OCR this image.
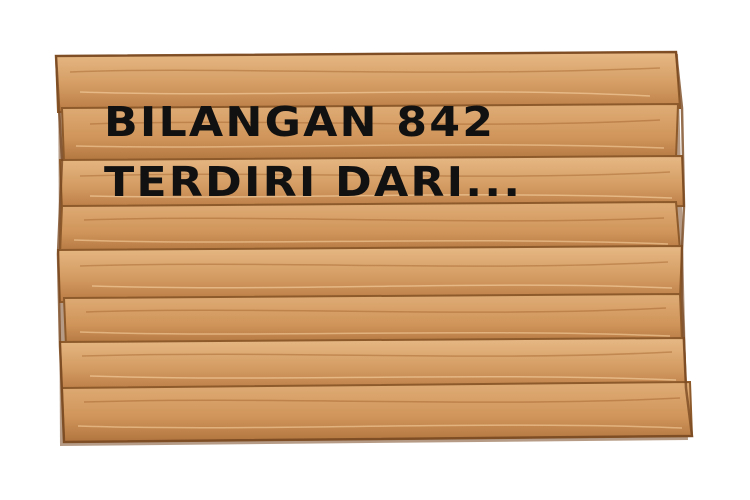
BILANGAN 842
TERDIRI DARI...
